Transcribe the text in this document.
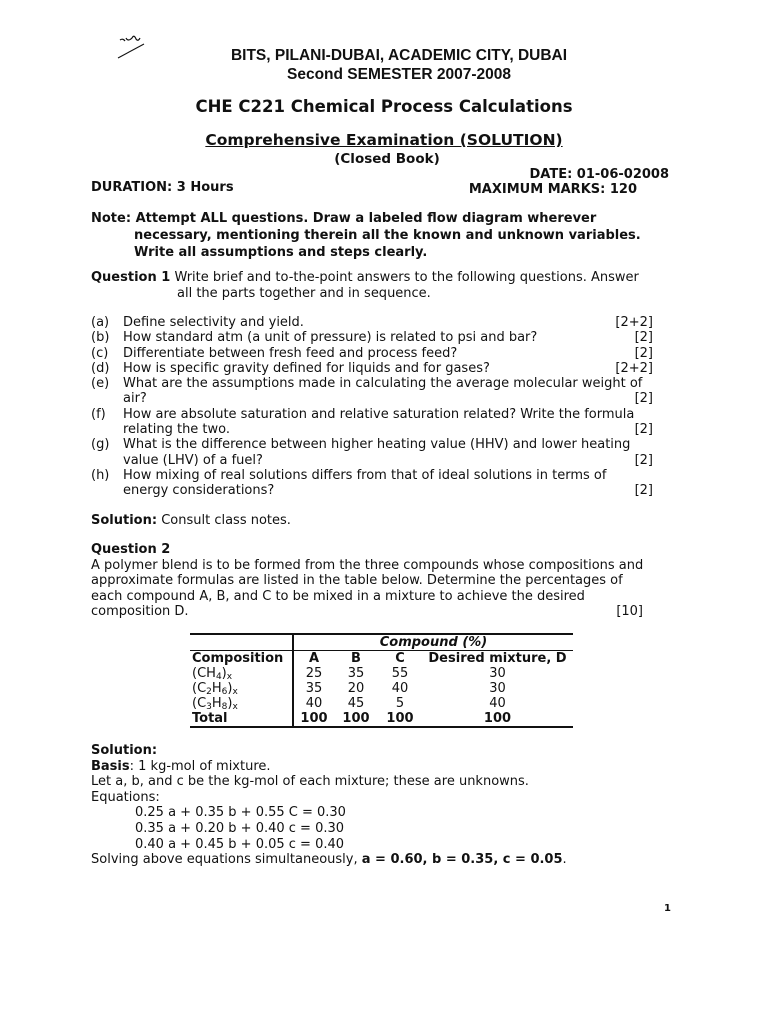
BITS, PILANI-DUBAI, ACADEMIC CITY, DUBAI
Second SEMESTER 2007-2008
CHE C221 Chemical Process Calculations
Comprehensive Examination (SOLUTION)
(Closed Book)
DATE: 01-06-02008
DURATION: 3 Hours	MAXIMUM MARKS: 120
Note: Attempt ALL questions. Draw a labeled flow diagram wherever
necessary, mentioning therein all the known and unknown variables.
Write all assumptions and steps clearly.
Question 1 Write brief and to-the-point answers to the following questions. Answer
all the parts together and in sequence.
(a) Define selectivity and yield.	[2+2]
(b) How standard atm (a unit of pressure) is related to psi and bar?	[2]
(c) Differentiate between fresh feed and process feed?	[2]
(d) How is specific gravity defined for liquids and for gases?	[2+2]
(e) What are the assumptions made in calculating the average molecular weight of
air?	[2]
(f) How are absolute saturation and relative saturation related? Write the formula
relating the two.	[2]
(g) What is the difference between higher heating value (HHV) and lower heating
value (LHV) of a fuel?	[2]
(h) How mixing of real solutions differs from that of ideal solutions in terms of
energy considerations?	[2]
Solution: Consult class notes.
Question 2
A polymer blend is to be formed from the three compounds whose compositions and
approximate formulas are listed in the table below. Determine the percentages of
each compound A, B, and C to be mixed in a mixture to achieve the desired
composition D.	[10]
	Compound (%)			
Composition	A	B	C	Desired mixture, D
$(CH_4)_x$	25	35	55	30
$(C_2H_6)_x$	35	20	40	30
$(C_3H_8)_x$	40	45	5	40
Total	100	100	100	100
Solution:
Basis: 1 kg-mol of mixture.
Let a, b, and c be the kg-mol of each mixture; these are unknowns.
Equations:
0.25 a + 0.35 b + 0.55 C = 0.30
0.35 a + 0.20 b + 0.40 c = 0.30
0.40 a + 0.45 b + 0.05 c = 0.40
Solving above equations simultaneously, a = 0.60, b = 0.35, c = 0.05.
1
